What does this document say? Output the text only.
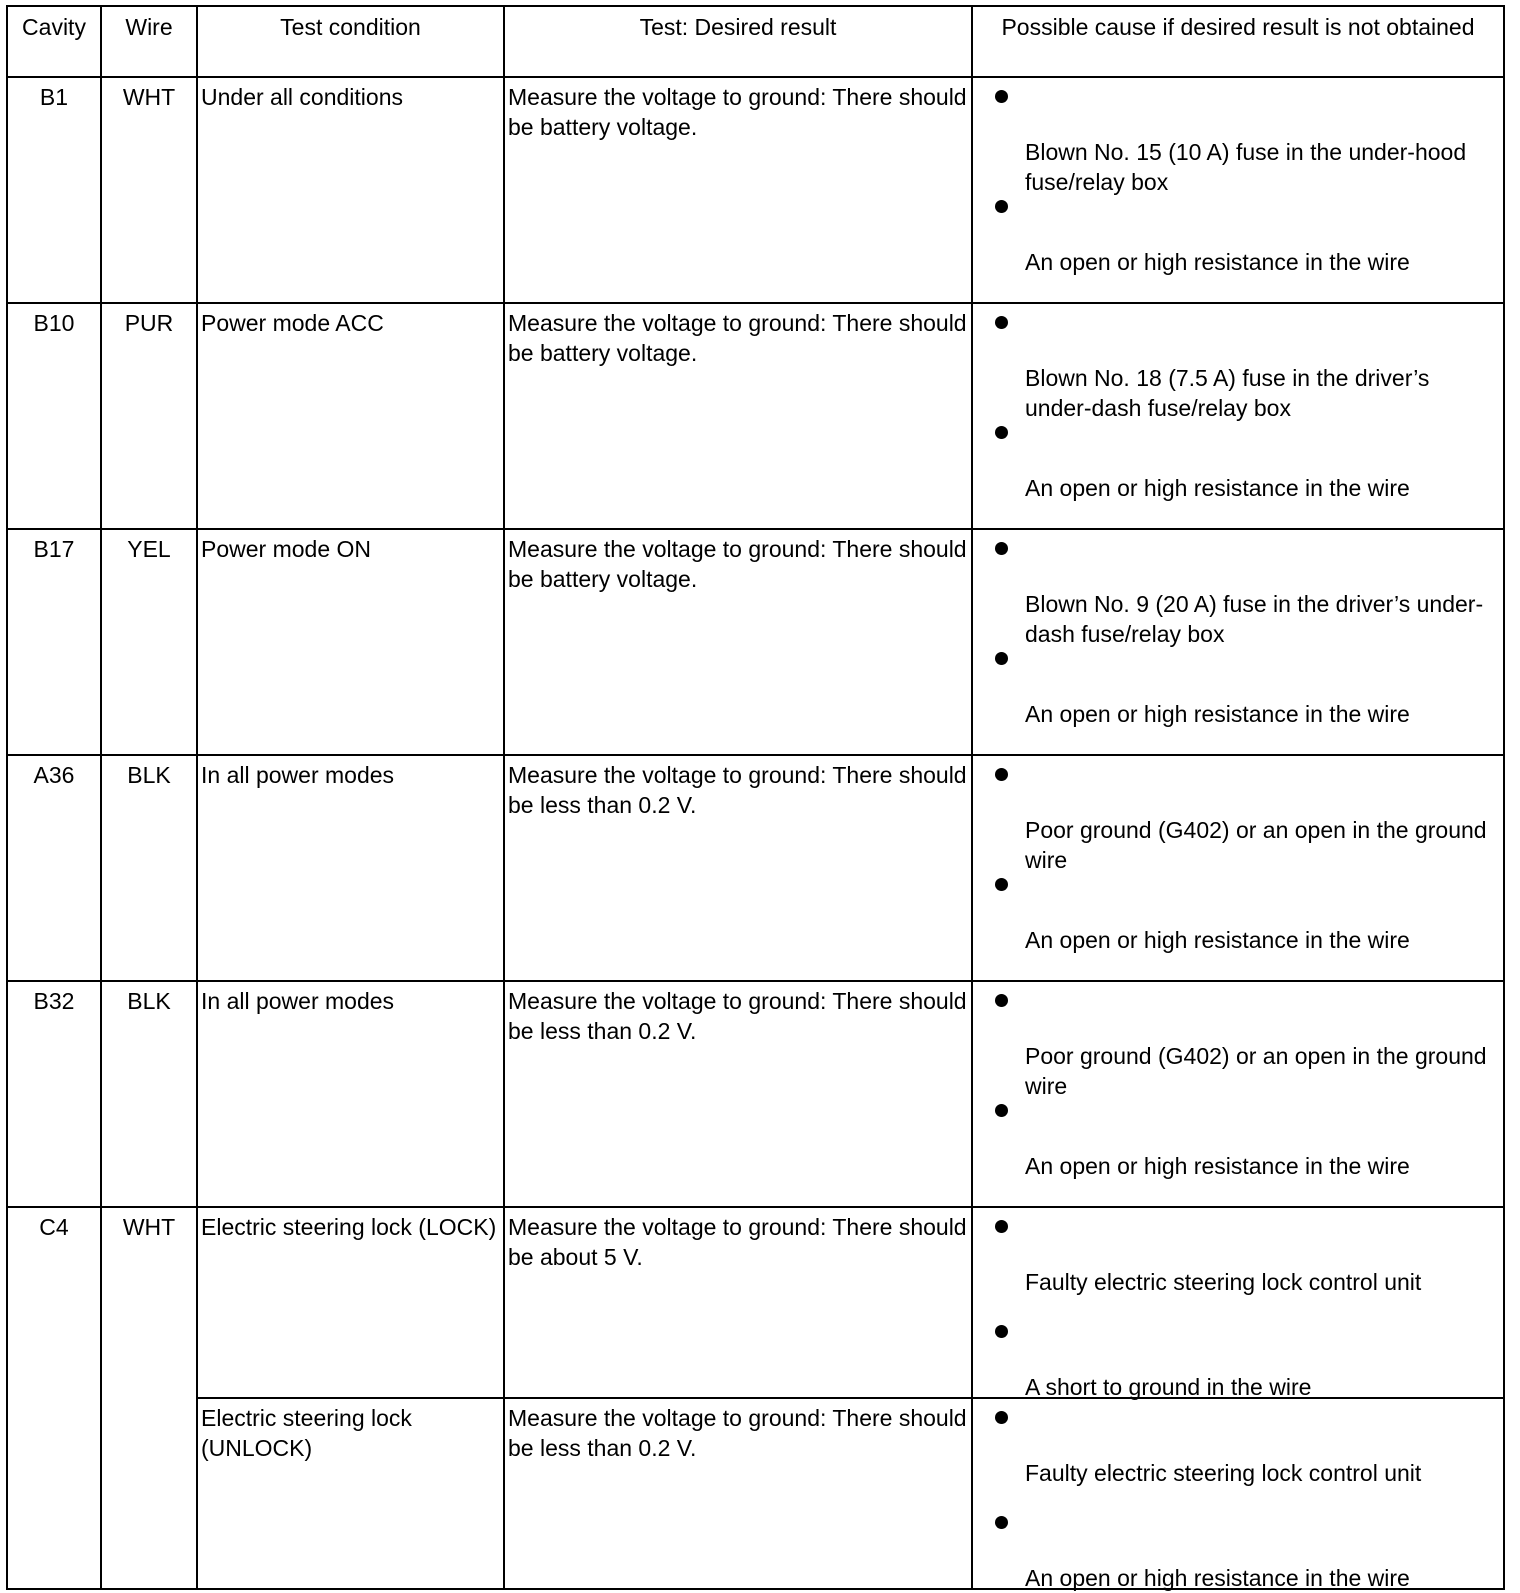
Cavity	Wire	Test condition	Test: Desired result	Possible cause if desired result is not obtained
B1	WHT	Under all conditions	Measure the voltage to ground: There should be battery voltage.	Blown No. 15 (10 A) fuse in the under-hood fuse/relay box
An open or high resistance in the wire

B10	PUR	Power mode ACC	Measure the voltage to ground: There should be battery voltage.	Blown No. 18 (7.5 A) fuse in the driver’s under-dash fuse/relay box
An open or high resistance in the wire

B17	YEL	Power mode ON	Measure the voltage to ground: There should be battery voltage.	Blown No. 9 (20 A) fuse in the driver’s under-dash fuse/relay box
An open or high resistance in the wire

A36	BLK	In all power modes	Measure the voltage to ground: There should be less than 0.2 V.	Poor ground (G402) or an open in the ground wire
An open or high resistance in the wire

B32	BLK	In all power modes	Measure the voltage to ground: There should be less than 0.2 V.	Poor ground (G402) or an open in the ground wire
An open or high resistance in the wire

C4	WHT	Electric steering lock (LOCK)	Measure the voltage to ground: There should be about 5 V.	Faulty electric steering lock control unit
A short to ground in the wire

		Electric steering lock (UNLOCK)	Measure the voltage to ground: There should be less than 0.2 V.	Faulty electric steering lock control unit
An open or high resistance in the wire
